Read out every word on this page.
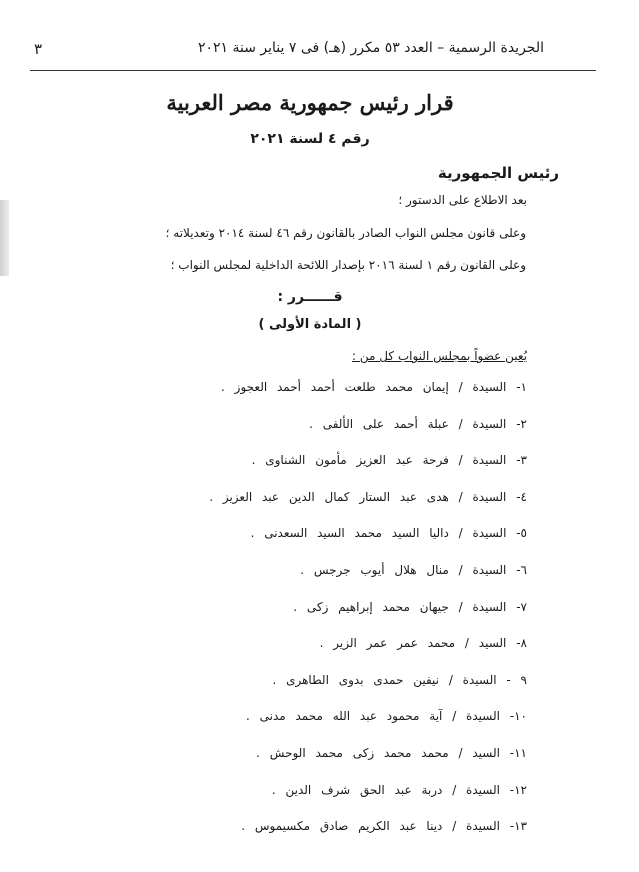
الجريدة الرسمية – العدد ٥٣ مكرر (هـ) فى ٧ يناير سنة ٢٠٢١
٣
قرار رئيس جمهورية مصر العربية
رقم ٤ لسنة ٢٠٢١
رئيس الجمهورية
بعد الاطلاع على الدستور ؛
وعلى قانون مجلس النواب الصادر بالقانون رقم ٤٦ لسنة ٢٠١٤ وتعديلاته ؛
وعلى القانون رقم ١ لسنة ٢٠١٦ بإصدار اللائحة الداخلية لمجلس النواب ؛
قــــــرر :
( المادة الأولى )
يُعين عضواً بمجلس النواب كل من :
١- السيدة / إيمان محمد طلعت أحمد أحمد العجوز .
٢- السيدة / عبلة أحمد على الألفى .
٣- السيدة / فرحة عبد العزيز مأمون الشناوى .
٤- السيدة / هدى عبد الستار كمال الدين عبد العزيز .
٥- السيدة / داليا السيد محمد السيد السعدنى .
٦- السيدة / منال هلال أيوب جرجس .
٧- السيدة / جيهان محمد إبراهيم زكى .
٨- السيد / محمد عمر عمر الزير .
٩ - السيدة / نيفين حمدى بدوى الطاهرى .
١٠- السيدة / آية محمود عبد الله محمد مدنى .
١١- السيد / محمد محمد زكى محمد الوحش .
١٢- السيدة / دربة عبد الحق شرف الدين .
١٣- السيدة / دينا عبد الكريم صادق مكسيموس .
